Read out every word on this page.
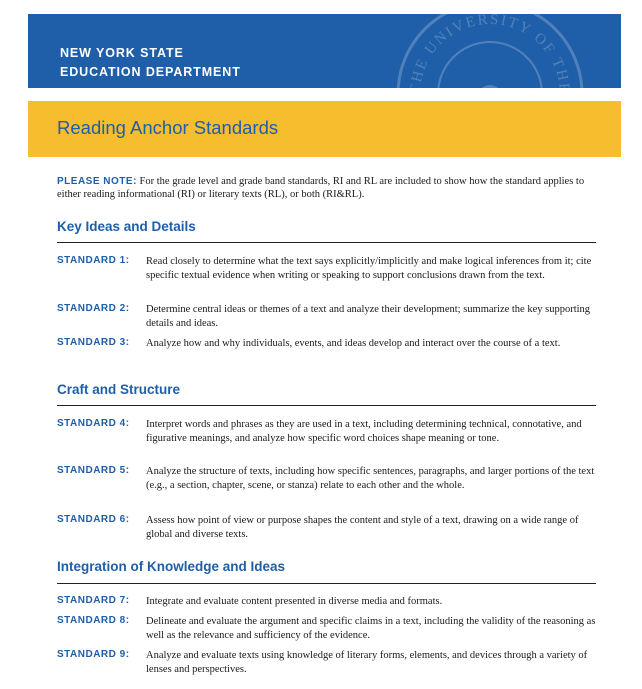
NEW YORK STATE
EDUCATION DEPARTMENT
THE UNIVERSITY OF THE
Reading Anchor Standards
PLEASE NOTE: For the grade level and grade band standards, RI and RL are included to show how the standard applies to either reading informational (RI) or literary texts (RL), or both (RI&RL).
Key Ideas and Details
STANDARD 1: Read closely to determine what the text says explicitly/implicitly and make logical inferences from it; cite specific textual evidence when writing or speaking to support conclusions drawn from the text.
STANDARD 2: Determine central ideas or themes of a text and analyze their development; summarize the key supporting details and ideas.
STANDARD 3: Analyze how and why individuals, events, and ideas develop and interact over the course of a text.
Craft and Structure
STANDARD 4: Interpret words and phrases as they are used in a text, including determining technical, connotative, and figurative meanings, and analyze how specific word choices shape meaning or tone.
STANDARD 5: Analyze the structure of texts, including how specific sentences, paragraphs, and larger portions of the text (e.g., a section, chapter, scene, or stanza) relate to each other and the whole.
STANDARD 6: Assess how point of view or purpose shapes the content and style of a text, drawing on a wide range of global and diverse texts.
Integration of Knowledge and Ideas
STANDARD 7: Integrate and evaluate content presented in diverse media and formats.
STANDARD 8: Delineate and evaluate the argument and specific claims in a text, including the validity of the reasoning as well as the relevance and sufficiency of the evidence.
STANDARD 9: Analyze and evaluate texts using knowledge of literary forms, elements, and devices through a variety of lenses and perspectives.
